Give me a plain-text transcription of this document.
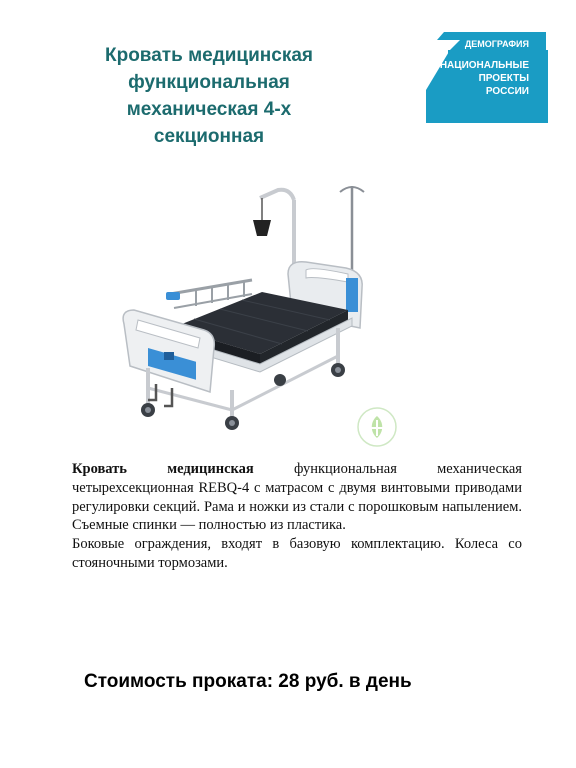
Кровать медицинская
функциональная
механическая 4-х
секционная
ДЕМОГРАФИЯ
НАЦИОНАЛЬНЫЕ
ПРОЕКТЫ
РОССИИ

Кровать медицинская функциональная механическая четырехсекционная REBQ-4 с матрасом с двумя винтовыми приводами регулировки секций. Рама и ножки из стали с порошковым напылением. Съемные спинки — полностью из пластика.

Боковые ограждения, входят в базовую комплектацию. Колеса со стояночными тормозами.

Стоимость проката: 28 руб. в день
